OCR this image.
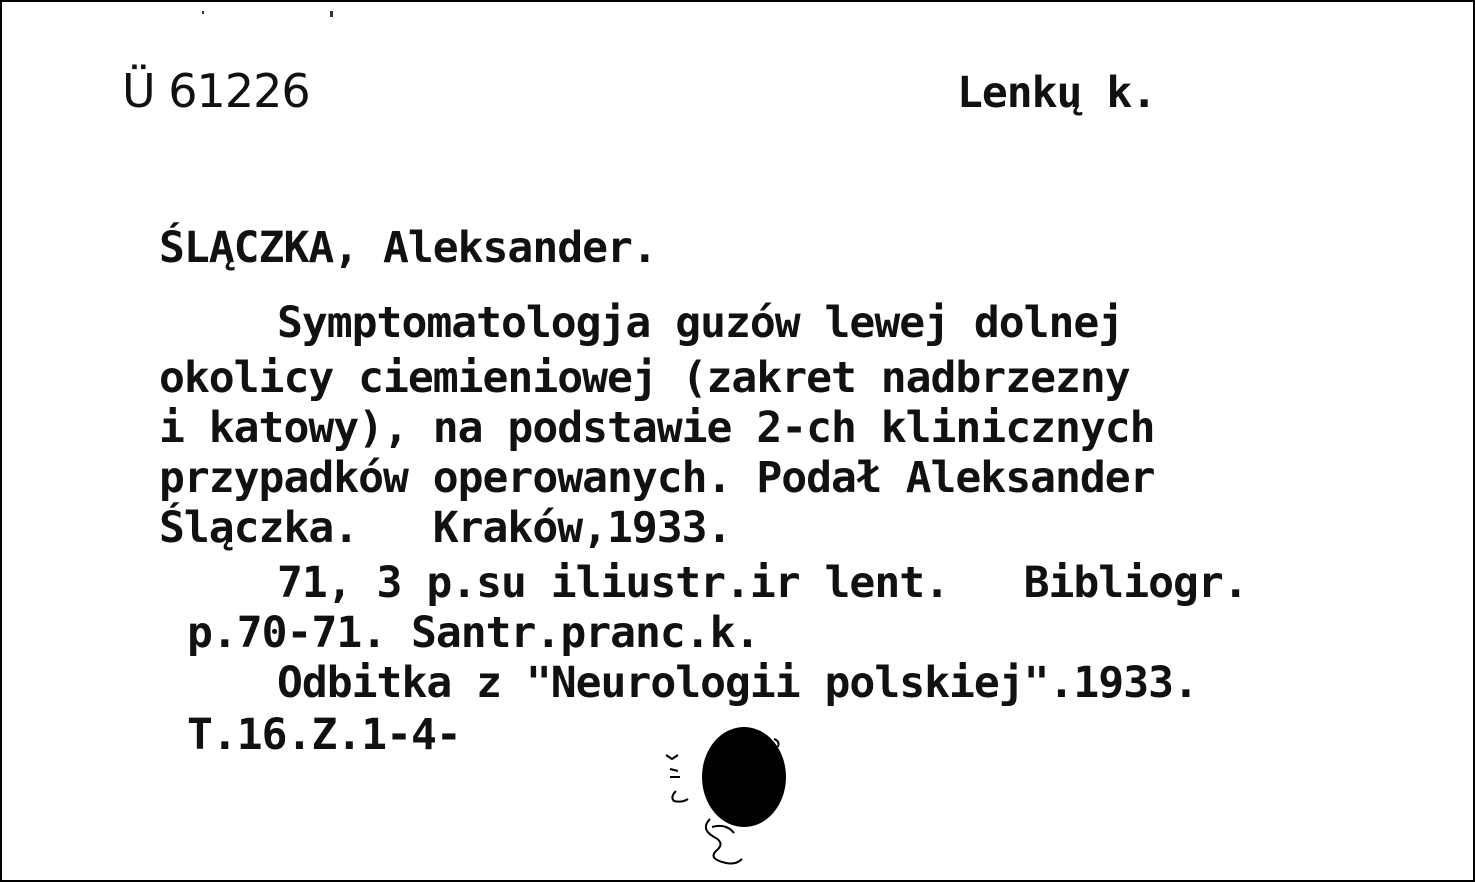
Ü 61226	Lenkų k.
ŚLĄCZKA, Aleksander.
Symptomatologja guzów lewej dolnej
okolicy ciemieniowej (zakret nadbrzezny
i katowy), na podstawie 2-ch klinicznych
przypadków operowanych. Podał Aleksander
Ślączka.   Kraków,1933.
71, 3 p.su iliustr.ir lent.   Bibliogr.
p.70-71. Santr.pranc.k.
Odbitka z "Neurologii polskiej".1933.
T.16.Z.1-4-
